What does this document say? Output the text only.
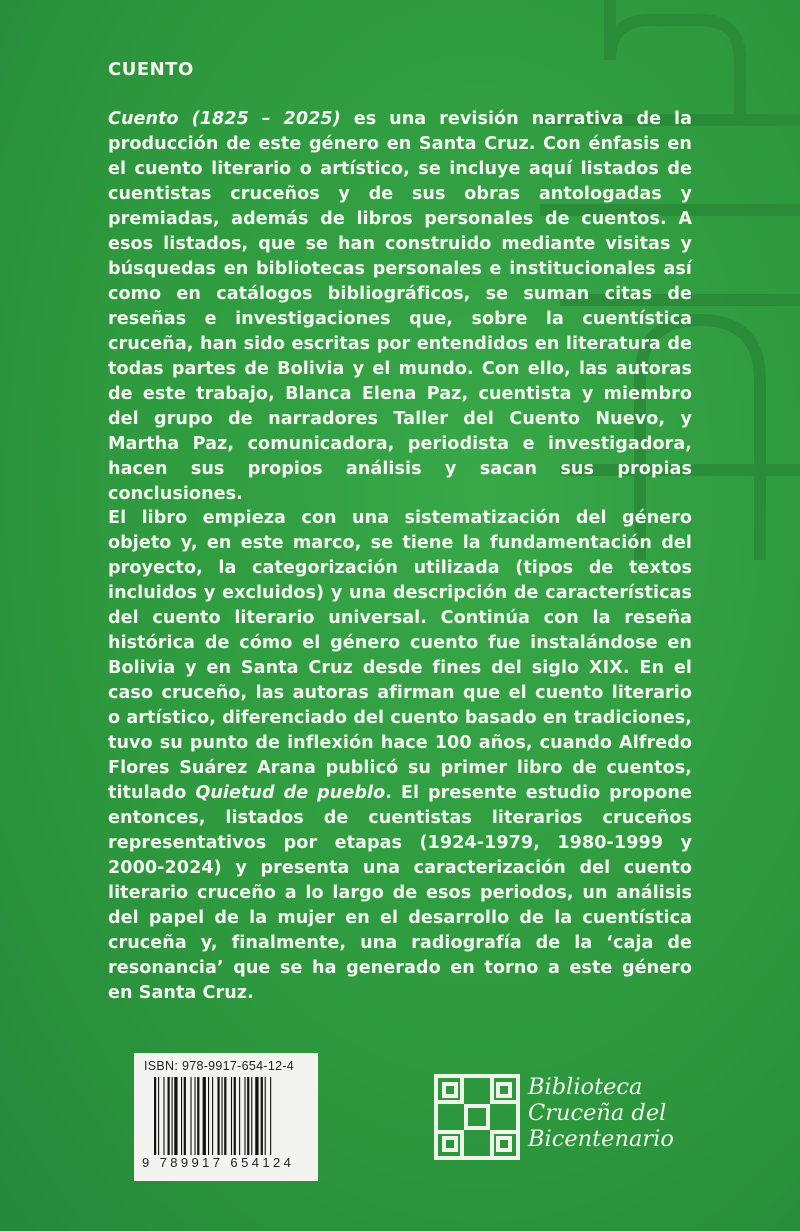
CUENTO
Cuento (1825 – 2025) es una revisión narrativa de la producción de este género en Santa Cruz. Con énfasis en el cuento literario o artístico, se incluye aquí listados de cuentistas cruceños y de sus obras antologadas y premiadas, además de libros personales de cuentos. A esos listados, que se han construido mediante visitas y búsquedas en bibliotecas personales e institucionales así como en catálogos bibliográficos, se suman citas de reseñas e investigaciones que, sobre la cuentística cruceña, han sido escritas por entendidos en literatura de todas partes de Bolivia y el mundo. Con ello, las autoras de este trabajo, Blanca Elena Paz, cuentista y miembro del grupo de narradores Taller del Cuento Nuevo, y Martha Paz, comunicadora, periodista e investigadora, hacen sus propios análisis y sacan sus propias conclusiones.
El libro empieza con una sistematización del género objeto y, en este marco, se tiene la fundamentación del proyecto, la categorización utilizada (tipos de textos incluidos y excluidos) y una descripción de características del cuento literario universal. Continúa con la reseña histórica de cómo el género cuento fue instalándose en Bolivia y en Santa Cruz desde fines del siglo XIX. En el caso cruceño, las autoras afirman que el cuento literario o artístico, diferenciado del cuento basado en tradiciones, tuvo su punto de inflexión hace 100 años, cuando Alfredo Flores Suárez Arana publicó su primer libro de cuentos, titulado Quietud de pueblo. El presente estudio propone entonces, listados de cuentistas literarios cruceños representativos por etapas (1924-1979, 1980-1999 y 2000-2024) y presenta una caracterización del cuento literario cruceño a lo largo de esos periodos, un análisis del papel de la mujer en el desarrollo de la cuentística cruceña y, finalmente, una radiografía de la ‘caja de resonancia’ que se ha generado en torno a este género en Santa Cruz.
ISBN: 978-9917-654-12-4
9 789917 654124
Biblioteca
Cruceña del
Bicentenario
